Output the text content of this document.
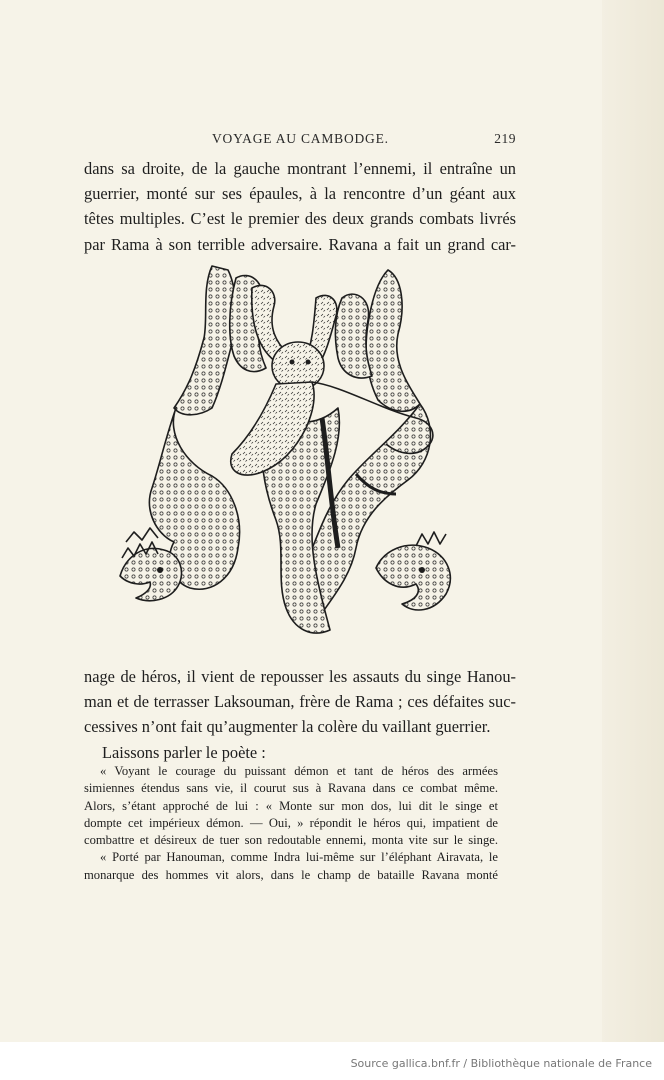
VOYAGE AU CAMBODGE.	219
dans sa droite, de la gauche montrant l’ennemi, il entraîne un
guerrier, monté sur ses épaules, à la rencontre d’un géant aux
têtes multiples. C’est le premier des deux grands combats livrés
par Rama à son terrible adversaire. Ravana a fait un grand car-
nage de héros, il vient de repousser les assauts du singe Hanou-
man et de terrasser Laksouman, frère de Rama ; ces défaites suc-
cessives n’ont fait qu’augmenter la colère du vaillant guerrier.
Laissons parler le poète :
« Voyant le courage du puissant démon et tant de héros des armées
simiennes étendus sans vie, il courut sus à Ravana dans ce combat même.
Alors, s’étant approché de lui : « Monte sur mon dos, lui dit le singe et
dompte cet impérieux démon. — Oui, » répondit le héros qui, impatient de
combattre et désireux de tuer son redoutable ennemi, monta vite sur le singe.
« Porté par Hanouman, comme Indra lui-même sur l’éléphant Airavata, le
monarque des hommes vit alors, dans le champ de bataille Ravana monté
Source gallica.bnf.fr / Bibliothèque nationale de France
